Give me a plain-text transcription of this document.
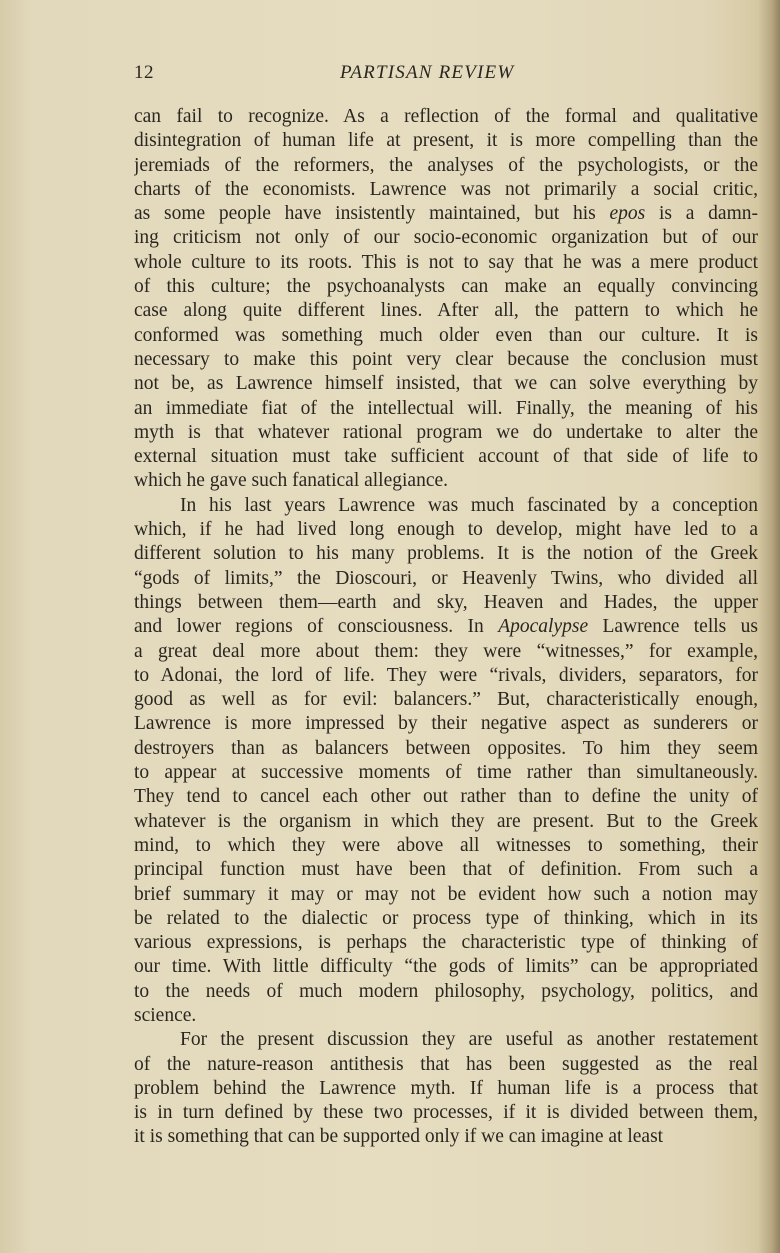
12	PARTISAN REVIEW
can fail to recognize. As a reflection of the formal and qualitative
disintegration of human life at present, it is more compelling than the
jeremiads of the reformers, the analyses of the psychologists, or the
charts of the economists. Lawrence was not primarily a social critic,
as some people have insistently maintained, but his epos is a damn-
ing criticism not only of our socio-economic organization but of our
whole culture to its roots. This is not to say that he was a mere product
of this culture; the psychoanalysts can make an equally convincing
case along quite different lines. After all, the pattern to which he
conformed was something much older even than our culture. It is
necessary to make this point very clear because the conclusion must
not be, as Lawrence himself insisted, that we can solve everything by
an immediate fiat of the intellectual will. Finally, the meaning of his
myth is that whatever rational program we do undertake to alter the
external situation must take sufficient account of that side of life to
which he gave such fanatical allegiance.
In his last years Lawrence was much fascinated by a conception
which, if he had lived long enough to develop, might have led to a
different solution to his many problems. It is the notion of the Greek
“gods of limits,” the Dioscouri, or Heavenly Twins, who divided all
things between them—earth and sky, Heaven and Hades, the upper
and lower regions of consciousness. In Apocalypse Lawrence tells us
a great deal more about them: they were “witnesses,” for example,
to Adonai, the lord of life. They were “rivals, dividers, separators, for
good as well as for evil: balancers.” But, characteristically enough,
Lawrence is more impressed by their negative aspect as sunderers or
destroyers than as balancers between opposites. To him they seem
to appear at successive moments of time rather than simultaneously.
They tend to cancel each other out rather than to define the unity of
whatever is the organism in which they are present. But to the Greek
mind, to which they were above all witnesses to something, their
principal function must have been that of definition. From such a
brief summary it may or may not be evident how such a notion may
be related to the dialectic or process type of thinking, which in its
various expressions, is perhaps the characteristic type of thinking of
our time. With little difficulty “the gods of limits” can be appropriated
to the needs of much modern philosophy, psychology, politics, and
science.
For the present discussion they are useful as another restatement
of the nature-reason antithesis that has been suggested as the real
problem behind the Lawrence myth. If human life is a process that
is in turn defined by these two processes, if it is divided between them,
it is something that can be supported only if we can imagine at least
